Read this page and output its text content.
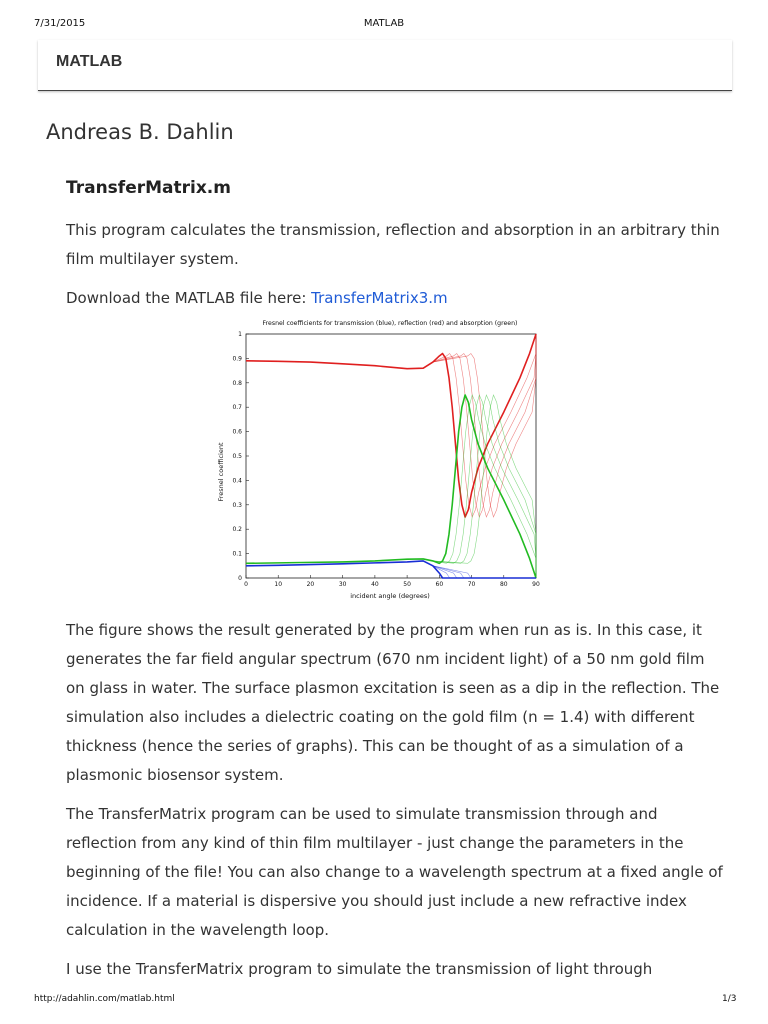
7/31/2015	MATLAB
MATLAB
Andreas B. Dahlin
TransferMatrix.m

This program calculates the transmission, reflection and absorption in an arbitrary thin film multilayer system.

Download the MATLAB file here: TransferMatrix3.m

Fresnel coefficients for transmission (blue), reflection (red) and absorption (green)
Fresnel coefficient
incident angle (degrees)
0	10	20	30	40	50	60	70	80	90
0
0.1
0.2
0.3
0.4
0.5
0.6
0.7
0.8
0.9
1

The figure shows the result generated by the program when run as is. In this case, it generates the far field angular spectrum (670 nm incident light) of a 50 nm gold film on glass in water. The surface plasmon excitation is seen as a dip in the reflection. The simulation also includes a dielectric coating on the gold film (n = 1.4) with different thickness (hence the series of graphs). This can be thought of as a simulation of a plasmonic biosensor system.

The TransferMatrix program can be used to simulate transmission through and reflection from any kind of thin film multilayer - just change the parameters in the beginning of the file! You can also change to a wavelength spectrum at a fixed angle of incidence. If a material is dispersive you should just include a new refractive index calculation in the wavelength loop.

I use the TransferMatrix program to simulate the transmission of light through

http://adahlin.com/matlab.html	1/3
